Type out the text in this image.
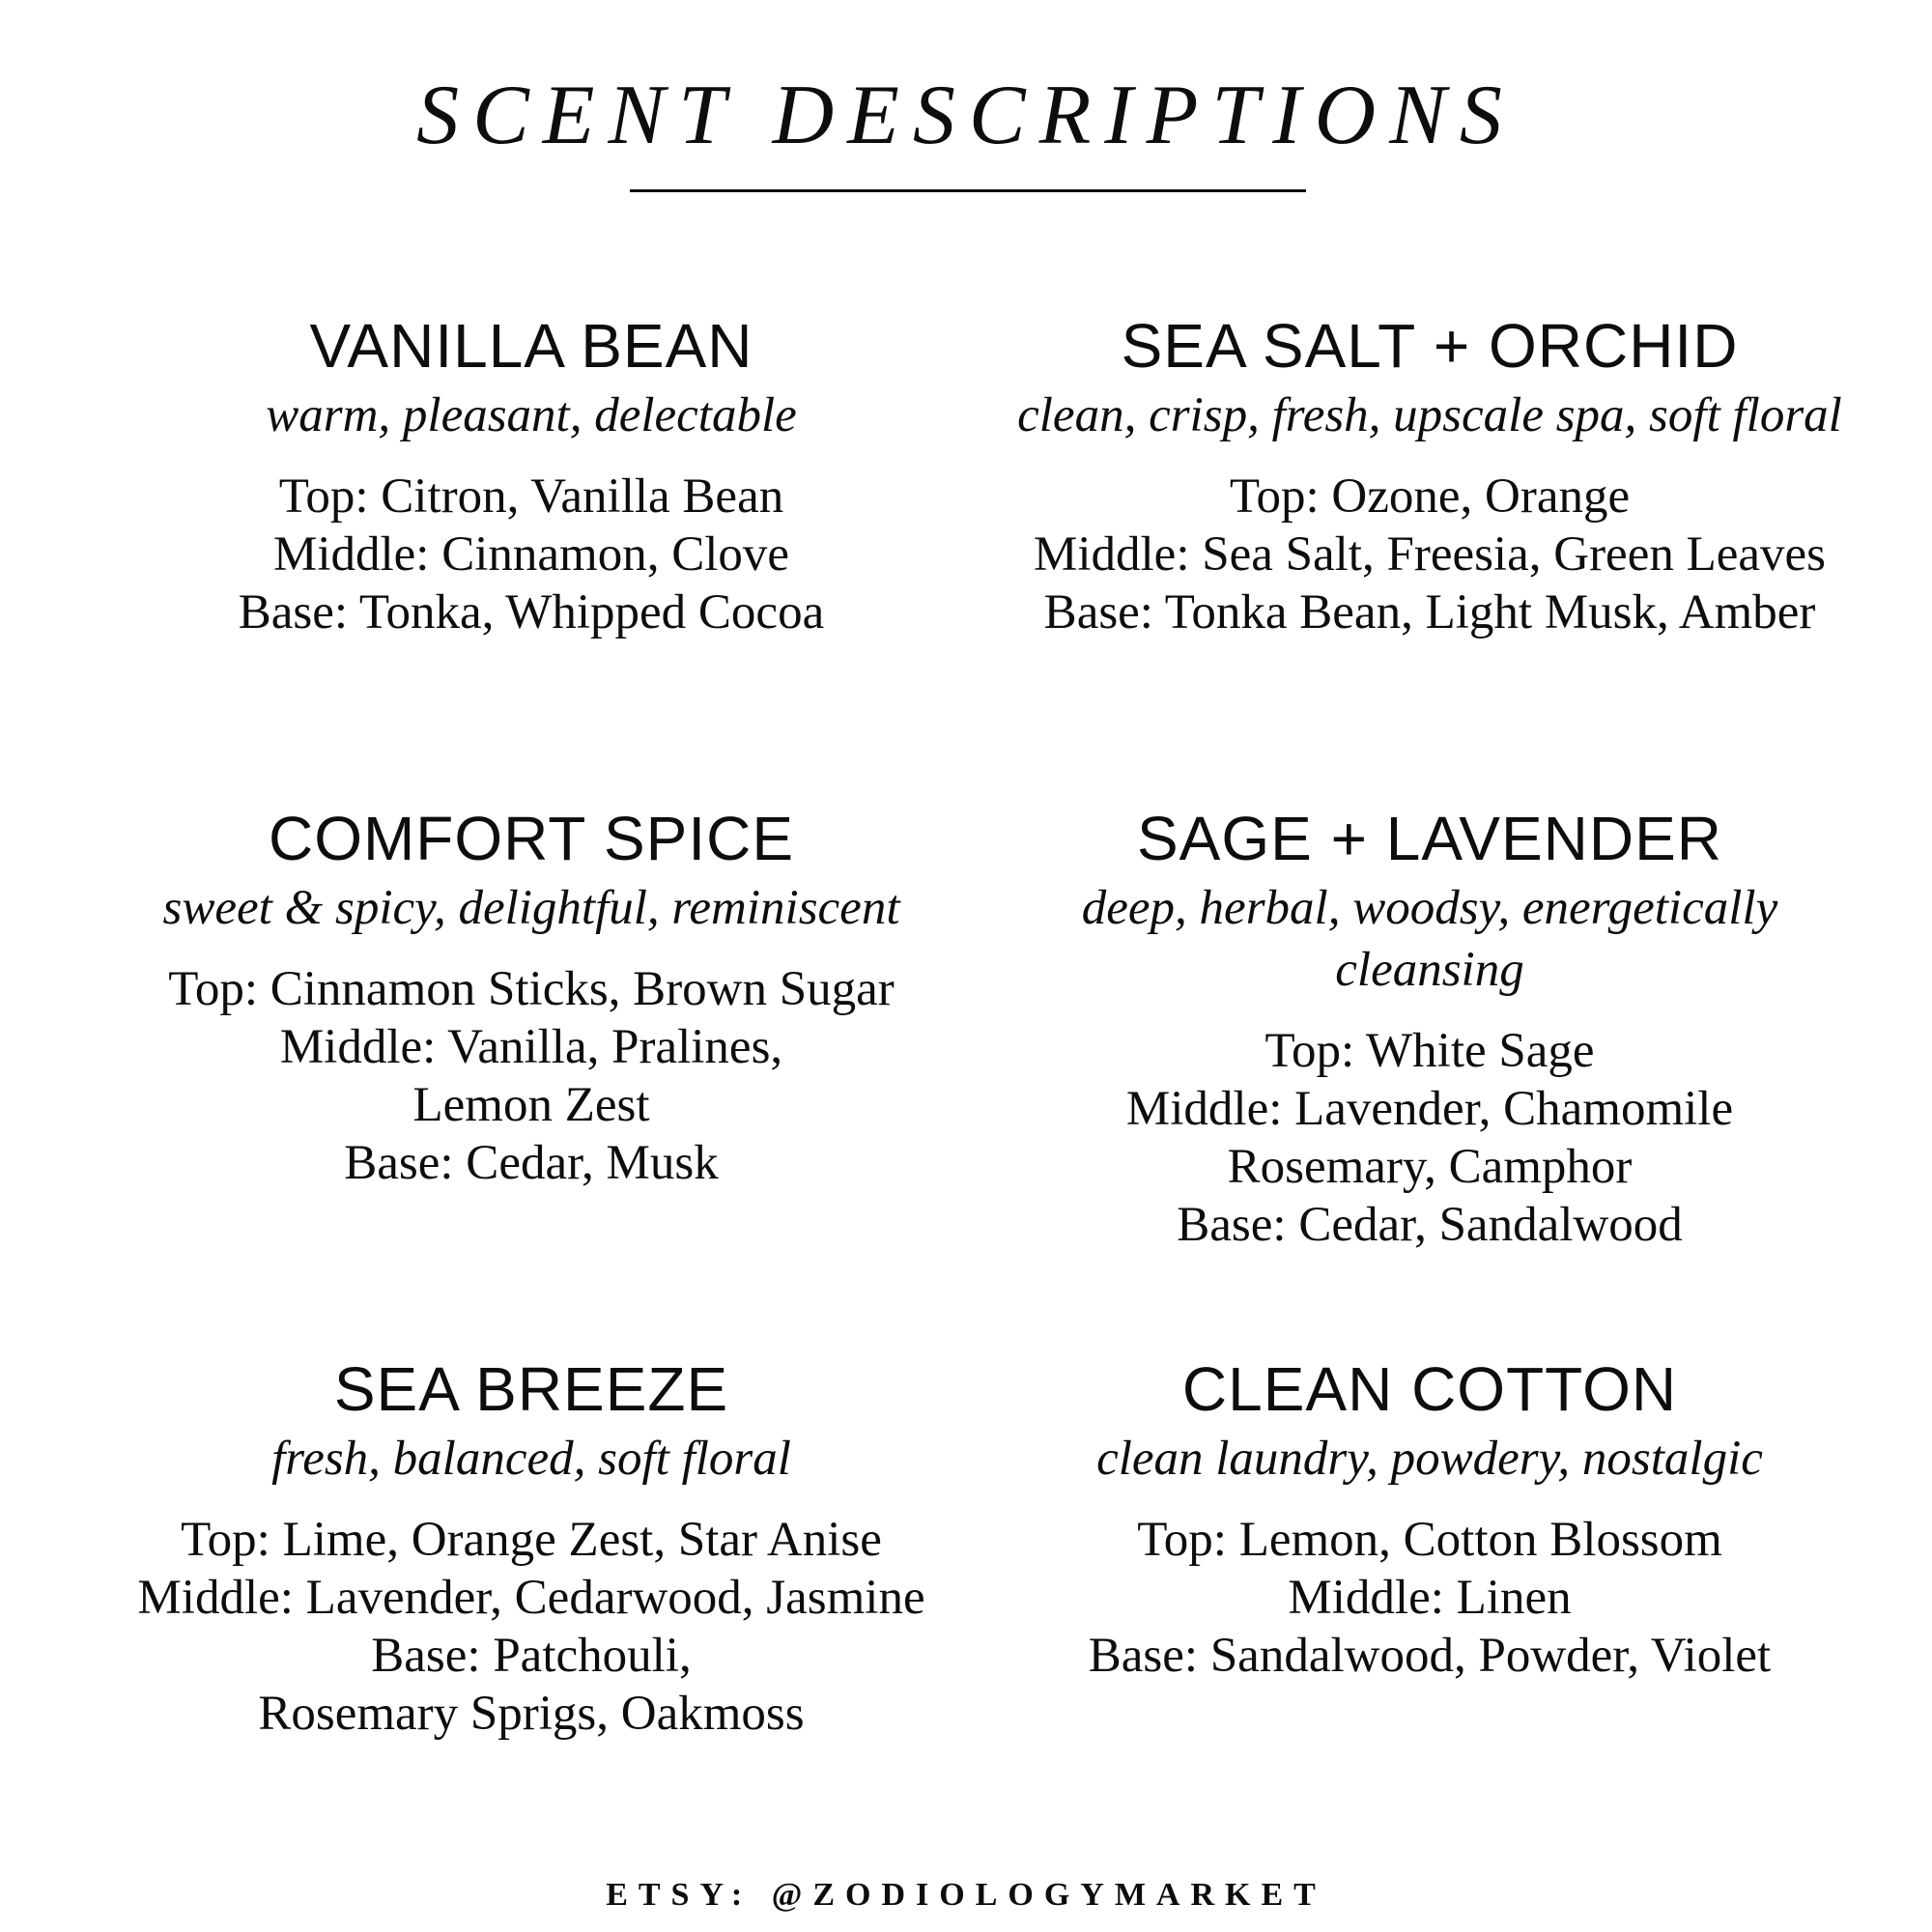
SCENT DESCRIPTIONS
VANILLA BEAN

warm, pleasant, delectable

Top: Citron, Vanilla Bean

Middle: Cinnamon, Clove

Base: Tonka, Whipped Cocoa

SEA SALT + ORCHID

clean, crisp, fresh, upscale spa, soft floral

Top: Ozone, Orange

Middle: Sea Salt, Freesia, Green Leaves

Base: Tonka Bean, Light Musk, Amber

COMFORT SPICE

sweet & spicy, delightful, reminiscent

Top: Cinnamon Sticks, Brown Sugar

Middle: Vanilla, Pralines,

Lemon Zest

Base: Cedar, Musk

SAGE + LAVENDER

deep, herbal, woodsy, energetically cleansing

Top: White Sage

Middle: Lavender, Chamomile

Rosemary, Camphor

Base: Cedar, Sandalwood

SEA BREEZE

fresh, balanced, soft floral

Top: Lime, Orange Zest, Star Anise

Middle: Lavender, Cedarwood, Jasmine

Base: Patchouli,

Rosemary Sprigs, Oakmoss

CLEAN COTTON

clean laundry, powdery, nostalgic

Top: Lemon, Cotton Blossom

Middle: Linen

Base: Sandalwood, Powder, Violet

ETSY: @ZODIOLOGYMARKET
